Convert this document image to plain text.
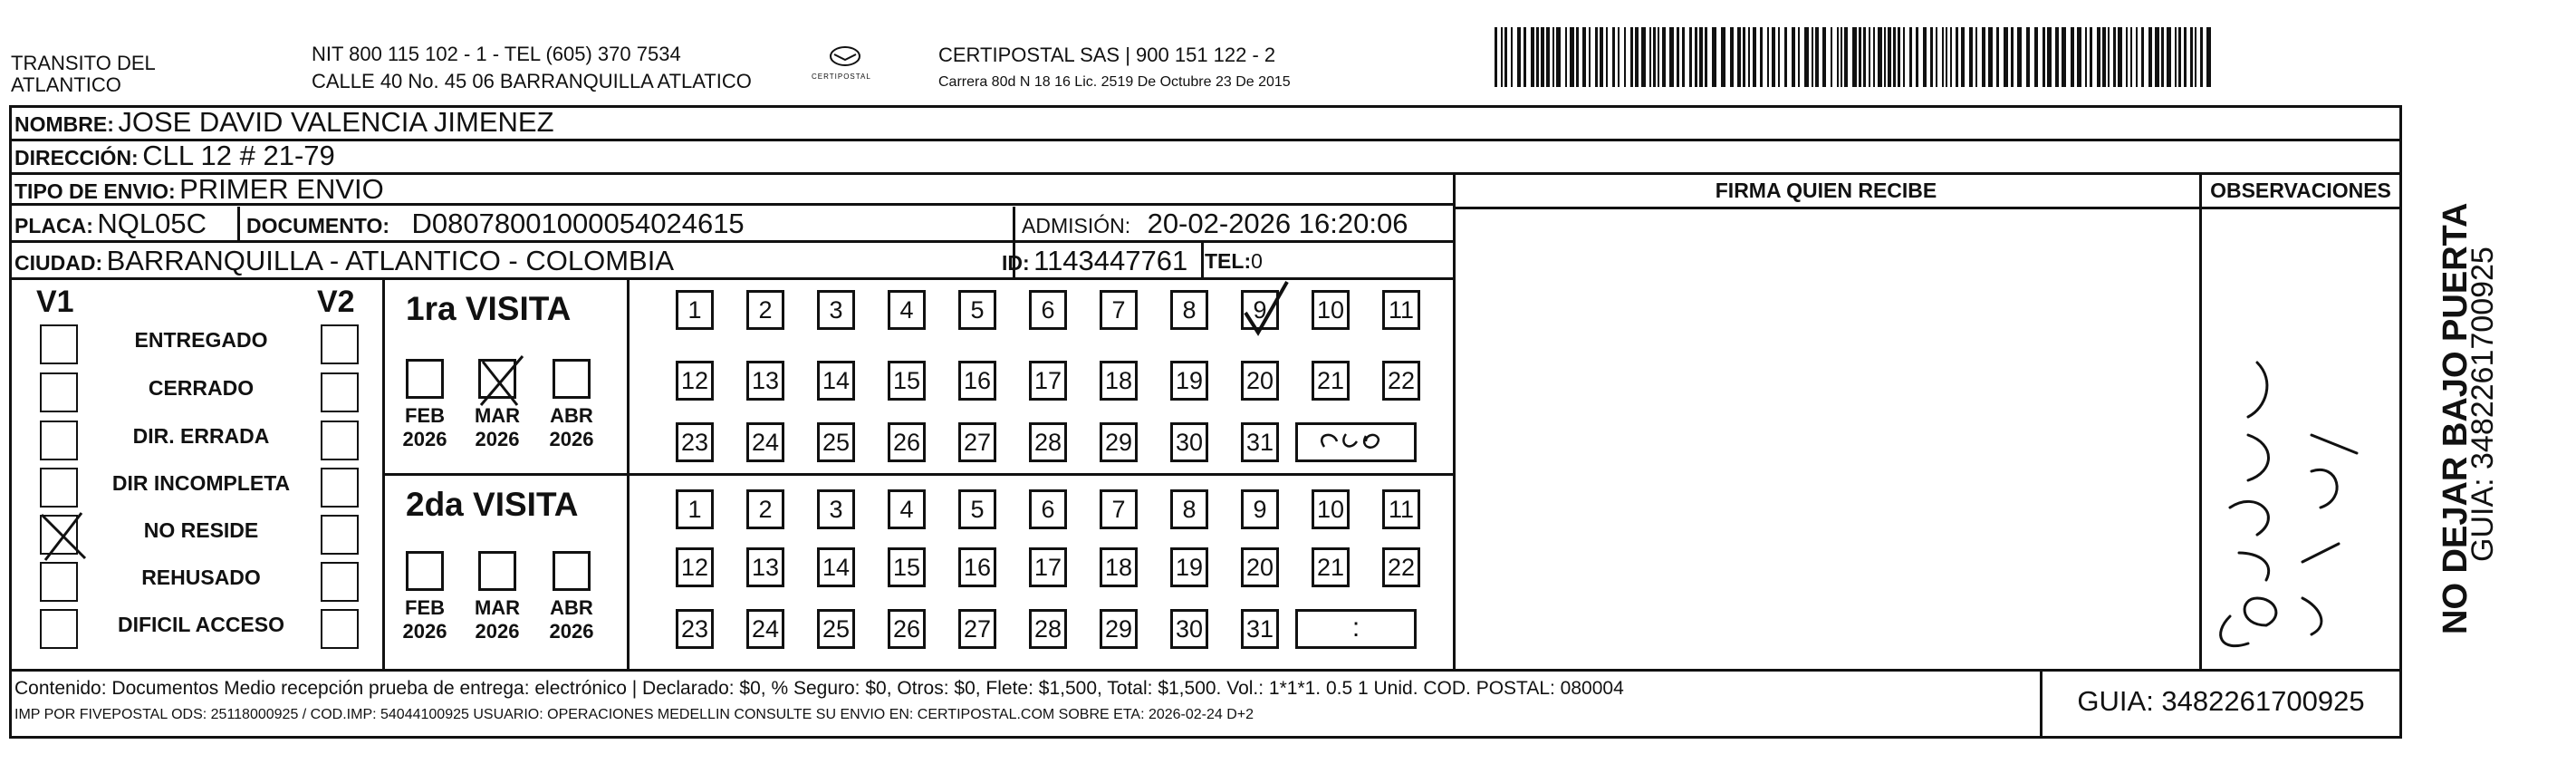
TRANSITO DEL
ATLANTICO
NIT 800 115 102 - 1 - TEL (605) 370 7534
CALLE 40 No. 45 06 BARRANQUILLA ATLATICO	CERTIPOSTAL
CERTIPOSTAL SAS | 900 151 122 - 2
Carrera 80d N 18 16 Lic. 2519 De Octubre 23 De 2015
NOMBRE: JOSE DAVID VALENCIA JIMENEZ
DIRECCIÓN: CLL 12 # 21-79
TIPO DE ENVIO: PRIMER ENVIO
PLACA: NQL05C DOCUMENTO: D08078001000054024615	ADMISIÓN: 20-02-2026 16:20:06
CIUDAD: BARRANQUILLA - ATLANTICO - COLOMBIA	ID: 1143447761 TEL:0
FIRMA QUIEN RECIBE	OBSERVACIONES
V1	V2
ENTREGADO
CERRADO
DIR. ERRADA
DIR INCOMPLETA
NO RESIDE
REHUSADO
DIFICIL ACCESO
1ra VISITA
2da VISITA
FEB
2026
MAR
2026
ABR
2026
1	2	3	4	5	6	7	8	9	10 11
12 13 14 15 16 17 18 19 20 21 22
23 24 25 26 27 28 29 30 31
FEB
2026
MAR
2026
ABR
2026
1	2	3	4	5	6	7	8	9	10 11
12 13 14 15 16 17 18 19 20 21 22
23 24 25 26 27 28 29 30 31	:
Contenido: Documentos Medio recepción prueba de entrega: electrónico | Declarado: $0, % Seguro: $0, Otros: $0, Flete: $1,500, Total: $1,500. Vol.: 1*1*1. 0.5 1 Unid. COD. POSTAL: 080004
IMP POR FIVEPOSTAL ODS: 25118000925 / COD.IMP: 54044100925 USUARIO: OPERACIONES MEDELLIN CONSULTE SU ENVIO EN: CERTIPOSTAL.COM SOBRE ETA: 2026-02-24 D+2	GUIA: 3482261700925
NO DEJAR BAJO PUERTA
GUIA: 3482261700925
